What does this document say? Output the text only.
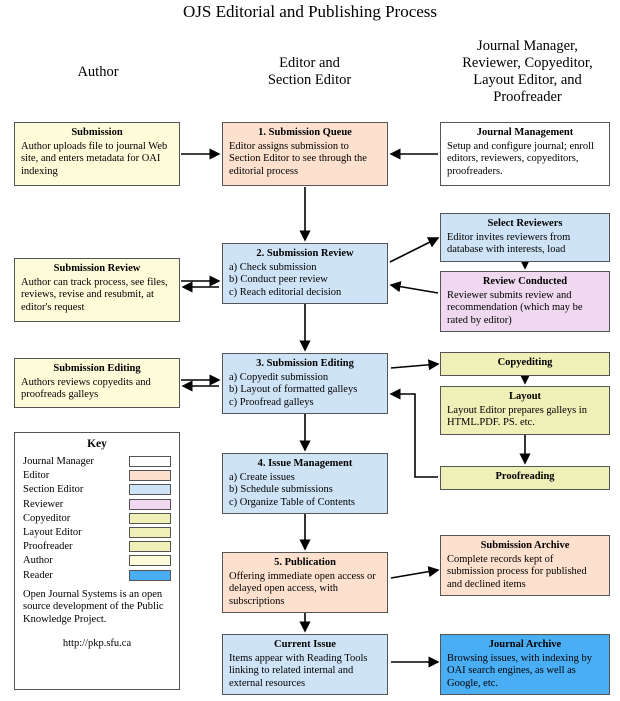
OJS Editorial and Publishing Process
Author
Editor and
Section Editor
Journal Manager,
Reviewer, Copyeditor,
Layout Editor, and
Proofreader
Submission
Author uploads file to journal Web site, and enters metadata for OAI indexing
1. Submission Queue
Editor assigns submission to Section Editor to see through the editorial process
Journal Management
Setup and configure journal; enroll editors, reviewers, copyeditors, proofreaders.
Select Reviewers
Editor invites reviewers from database with interests, load
Submission Review
Author can track process, see files, reviews, revise and resubmit, at editor's request
2. Submission Review
a) Check submission
b) Conduct peer review
c) Reach editorial decision
Review Conducted
Reviewer submits review and recommendation (which may be rated by editor)
Submission Editing
Authors reviews copyedits and proofreads galleys
3. Submission Editing
a) Copyedit submission
b) Layout of formatted galleys
c) Proofread galleys
Copyediting
Layout
Layout Editor prepares galleys in HTML.PDF. PS. etc.
Proofreading
4. Issue Management
a) Create issues
b) Schedule submissions
c) Organize Table of Contents
5. Publication
Offering immediate open access or delayed open access, with subscriptions
Submission Archive
Complete records kept of submission process for published and declined items
Current Issue
Items appear with Reading Tools linking to related internal and external resources
Journal Archive
Browsing issues, with indexing by OAI search engines, as well as Google, etc.
Key
Journal Manager
Editor
Section Editor
Reviewer
Copyeditor
Layout Editor
Proofreader
Author
Reader
Open Journal Systems is an open source development of the Public Knowledge Project.
http://pkp.sfu.ca
